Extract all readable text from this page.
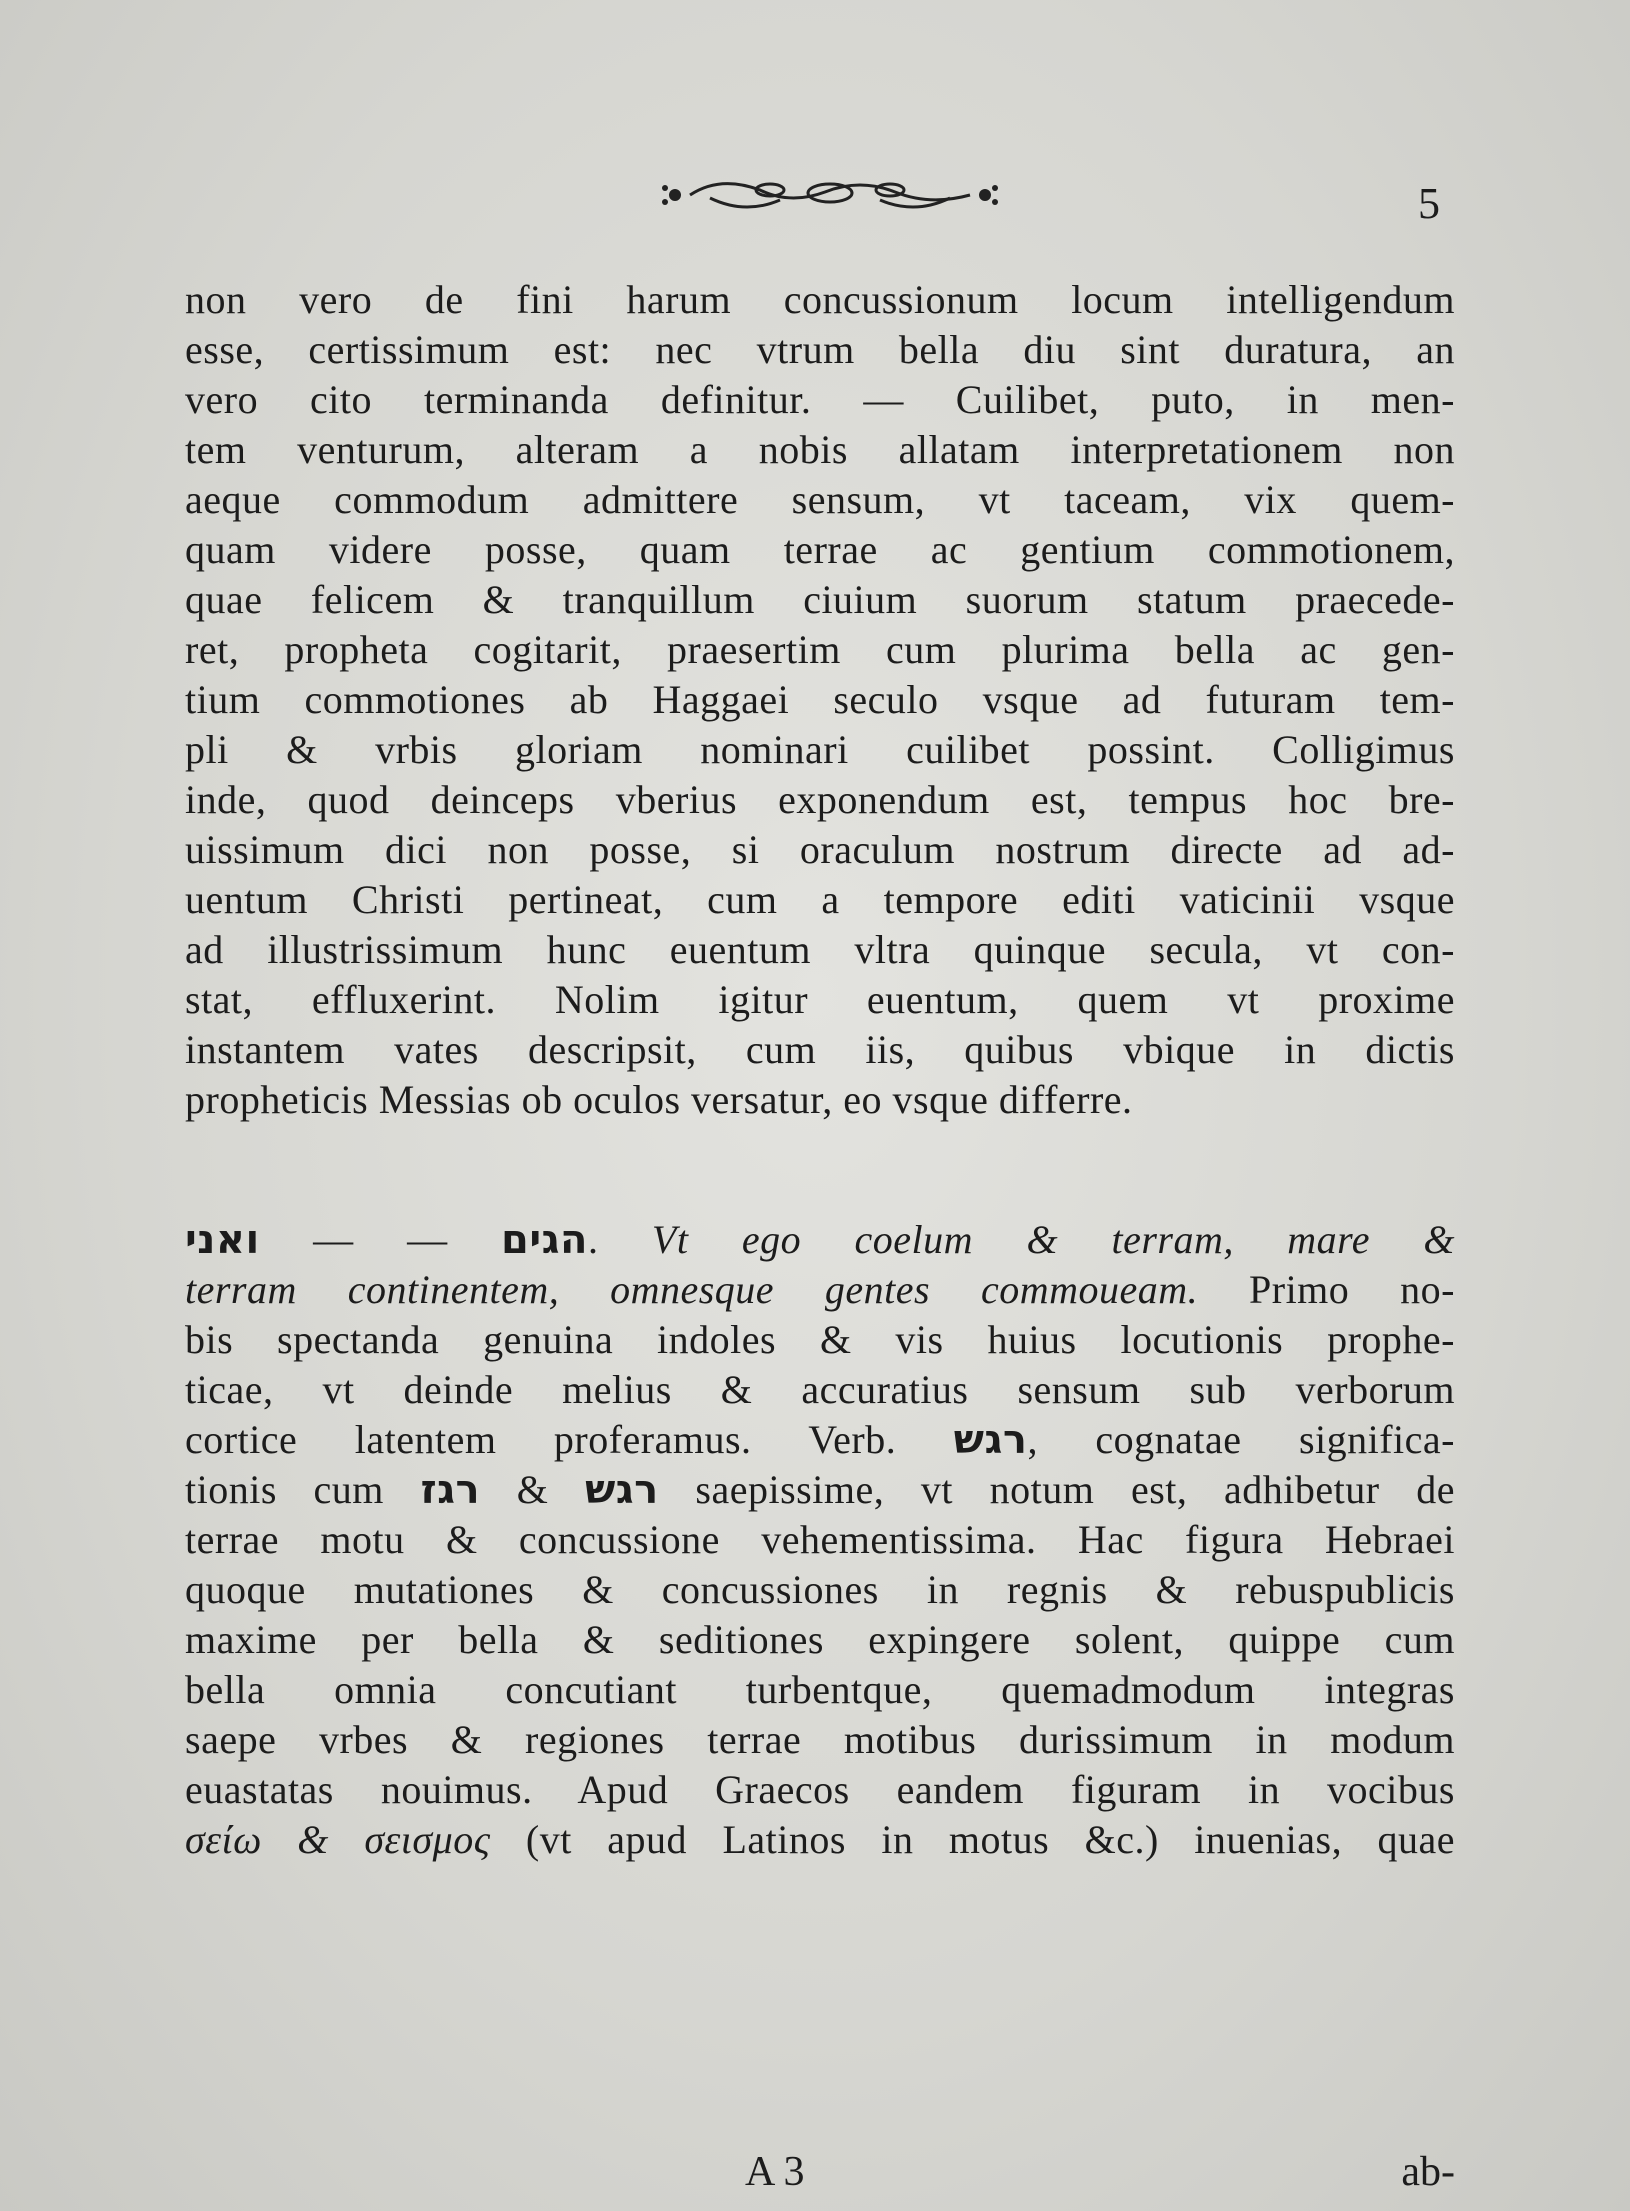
5
non vero de fini harum concussionum locum intelligendum
esse, certissimum est: nec vtrum bella diu sint duratura, an
vero cito terminanda definitur. — Cuilibet, puto, in men-
tem venturum, alteram a nobis allatam interpretationem non
aeque commodum admittere sensum, vt taceam, vix quem-
quam videre posse, quam terrae ac gentium commotionem,
quae felicem & tranquillum ciuium suorum statum praecede-
ret, propheta cogitarit, praesertim cum plurima bella ac gen-
tium commotiones ab Haggaei seculo vsque ad futuram tem-
pli & vrbis gloriam nominari cuilibet possint. Colligimus
inde, quod deinceps vberius exponendum est, tempus hoc bre-
uissimum dici non posse, si oraculum nostrum directe ad ad-
uentum Christi pertineat, cum a tempore editi vaticinii vsque
ad illustrissimum hunc euentum vltra quinque secula, vt con-
stat, effluxerint. Nolim igitur euentum, quem vt proxime
instantem vates descripsit, cum iis, quibus vbique in dictis
propheticis Messias ob oculos versatur, eo vsque differre.
הגים — — ואני	. Vt ego coelum & terram, mare &
terram continentem, omnesque gentes commoueam. Primo no-
bis spectanda genuina indoles & vis huius locutionis prophe-
ticae, vt deinde melius & accuratius sensum sub verborum
cortice latentem proferamus. Verb. רגש, cognatae significa-
tionis cum	רגש & רגז	saepissime, vt notum est, adhibetur de
terrae motu & concussione vehementissima. Hac figura Hebraei
quoque mutationes & concussiones in regnis & rebuspublicis
maxime per bella & seditiones expingere solent, quippe cum
bella omnia concutiant turbentque, quemadmodum integras
saepe vrbes & regiones terrae motibus durissimum in modum
euastatas nouimus. Apud Graecos eandem figuram in vocibus
σείω & σεισμος (vt apud Latinos in motus &c.) inuenias, quae
A 3	ab-
